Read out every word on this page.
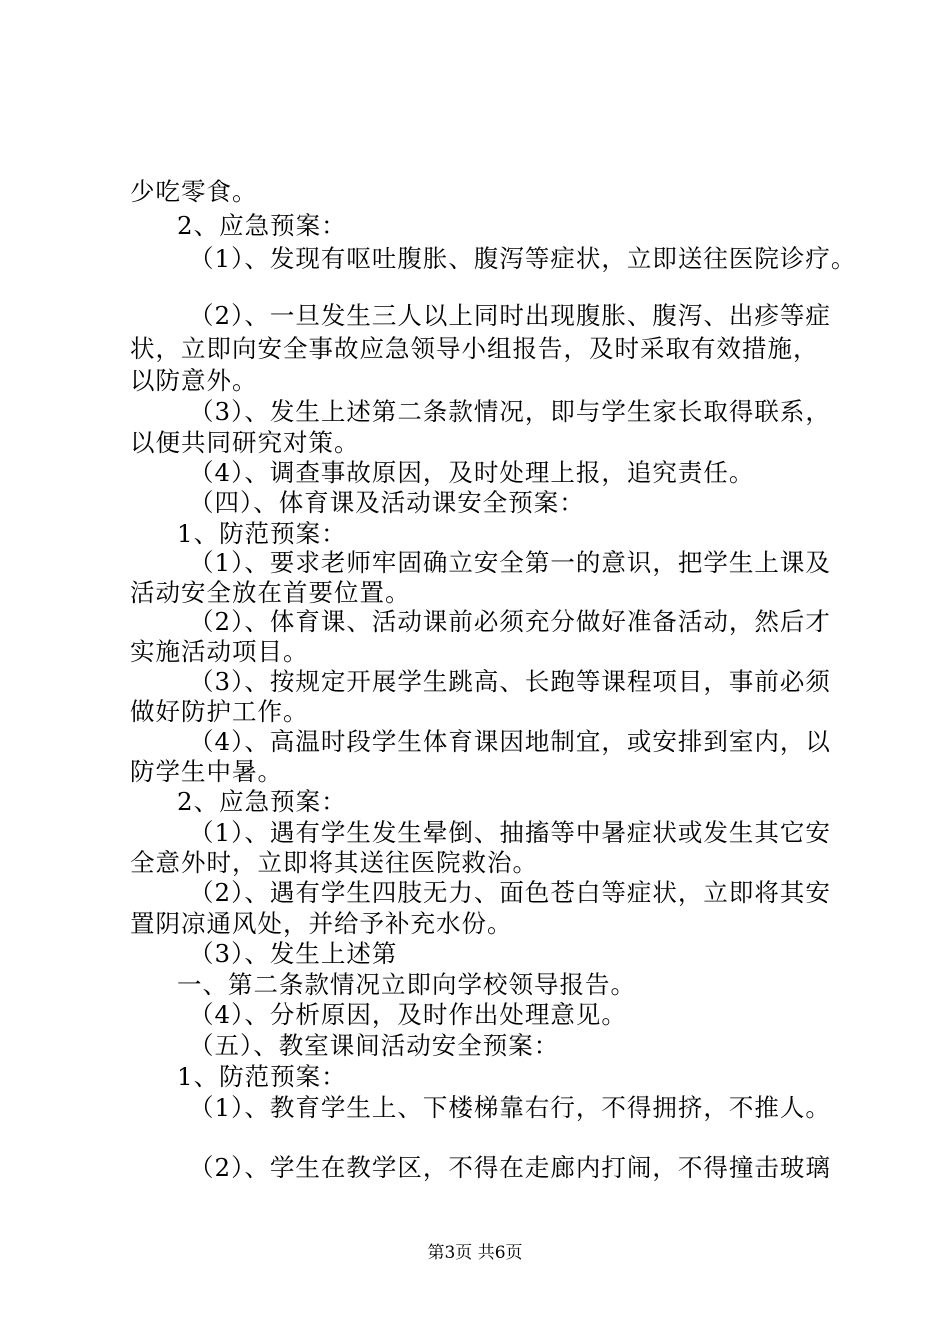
少吃零食。
2、应急预案：
（1）、发现有呕吐腹胀、腹泻等症状，立即送往医院诊疗。
（2）、一旦发生三人以上同时出现腹胀、腹泻、出疹等症
状，立即向安全事故应急领导小组报告，及时采取有效措施，
以防意外。
（3）、发生上述第二条款情况，即与学生家长取得联系，
以便共同研究对策。
（4）、调查事故原因，及时处理上报，追究责任。
（四）、体育课及活动课安全预案：
1、防范预案：
（1）、要求老师牢固确立安全第一的意识，把学生上课及
活动安全放在首要位置。
（2）、体育课、活动课前必须充分做好准备活动，然后才
实施活动项目。
（3）、按规定开展学生跳高、长跑等课程项目，事前必须
做好防护工作。
（4）、高温时段学生体育课因地制宜，或安排到室内，以
防学生中暑。
2、应急预案：
（1）、遇有学生发生晕倒、抽搐等中暑症状或发生其它安
全意外时，立即将其送往医院救治。
（2）、遇有学生四肢无力、面色苍白等症状，立即将其安
置阴凉通风处，并给予补充水份。
（3）、发生上述第
一、第二条款情况立即向学校领导报告。
（4）、分析原因，及时作出处理意见。
（五）、教室课间活动安全预案：
1、防范预案：
（1）、教育学生上、下楼梯靠右行，不得拥挤，不推人。
（2）、学生在教学区，不得在走廊内打闹，不得撞击玻璃
第3页 共6页
